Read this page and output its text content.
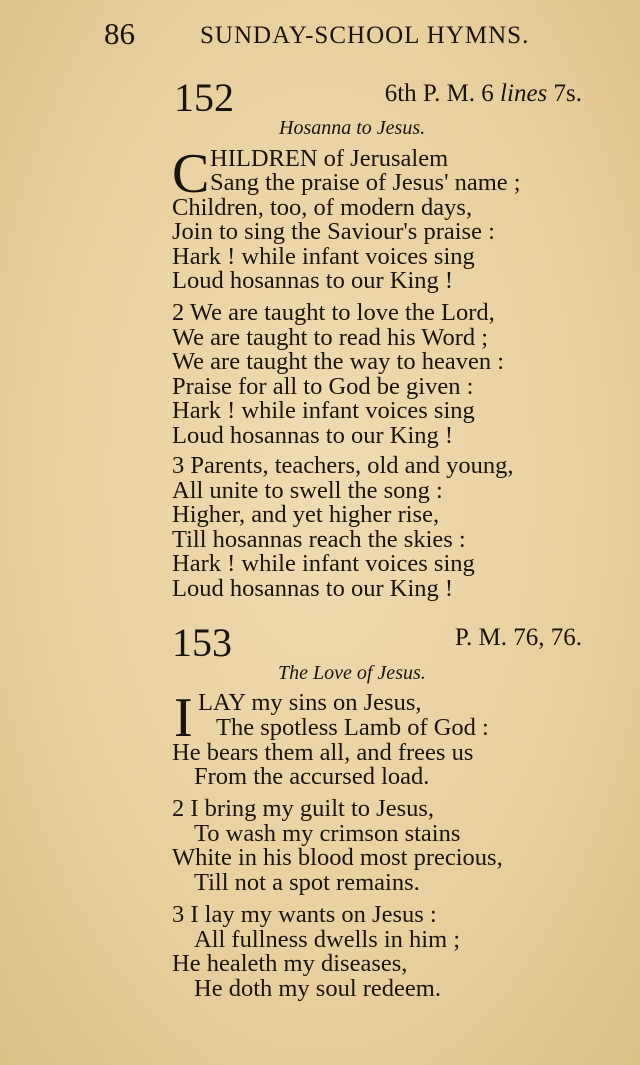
86	SUNDAY-SCHOOL HYMNS.
152	6th P. M. 6 lines 7s.
Hosanna to Jesus.
C HILDREN of Jerusalem
Sang the praise of Jesus' name ;
Children, too, of modern days,
Join to sing the Saviour's praise :
Hark ! while infant voices sing
Loud hosannas to our King !
2 We are taught to love the Lord,
We are taught to read his Word ;
We are taught the way to heaven :
Praise for all to God be given :
Hark ! while infant voices sing
Loud hosannas to our King !
3 Parents, teachers, old and young,
All unite to swell the song :
Higher, and yet higher rise,
Till hosannas reach the skies :
Hark ! while infant voices sing
Loud hosannas to our King !
153	P. M. 76, 76.
The Love of Jesus.
I LAY my sins on Jesus,
The spotless Lamb of God :
He bears them all, and frees us
From the accursed load.
2 I bring my guilt to Jesus,
To wash my crimson stains
White in his blood most precious,
Till not a spot remains.
3 I lay my wants on Jesus :
All fullness dwells in him ;
He healeth my diseases,
He doth my soul redeem.
